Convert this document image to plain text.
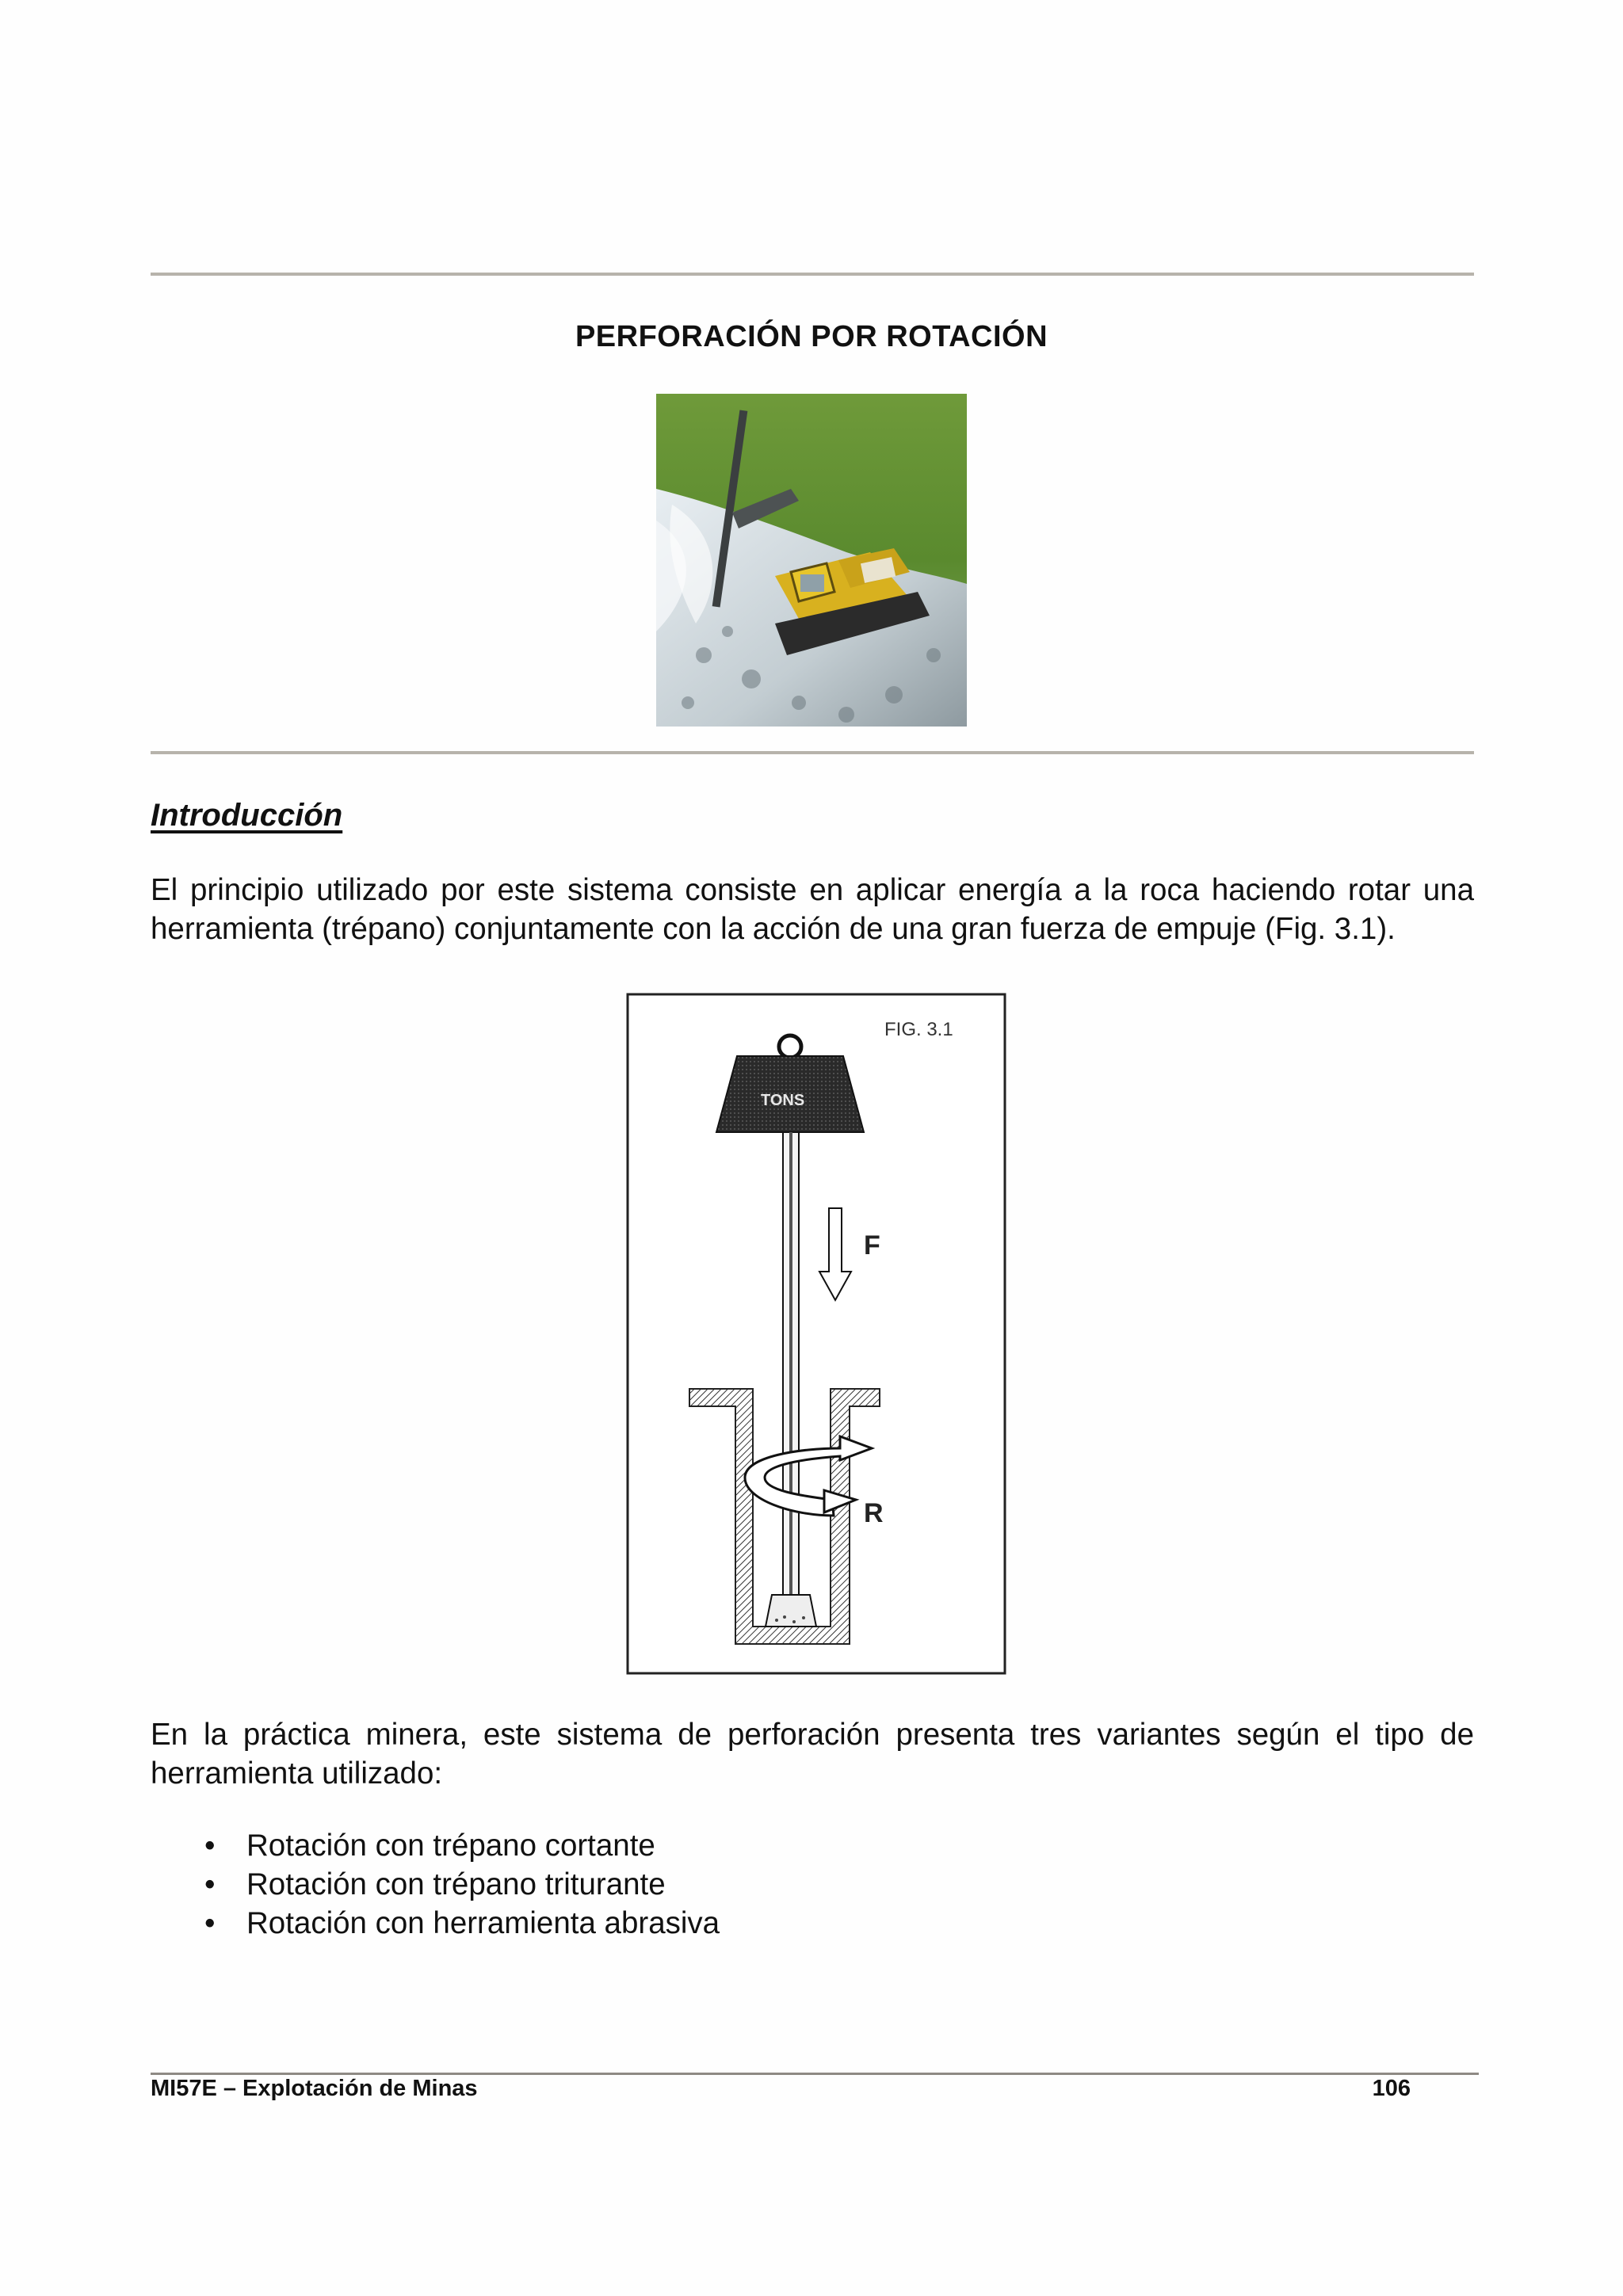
PERFORACIÓN POR ROTACIÓN
Introducción
El principio utilizado por este sistema consiste en aplicar energía a la roca haciendo rotar una herramienta (trépano) conjuntamente con la acción de una gran fuerza de empuje (Fig. 3.1).
FIG. 3.1
TONS
F
R
En la práctica minera, este sistema de perforación presenta tres variantes según el tipo de herramienta utilizado:
• Rotación con trépano cortante
• Rotación con trépano triturante
• Rotación con herramienta abrasiva
MI57E – Explotación de Minas	106
